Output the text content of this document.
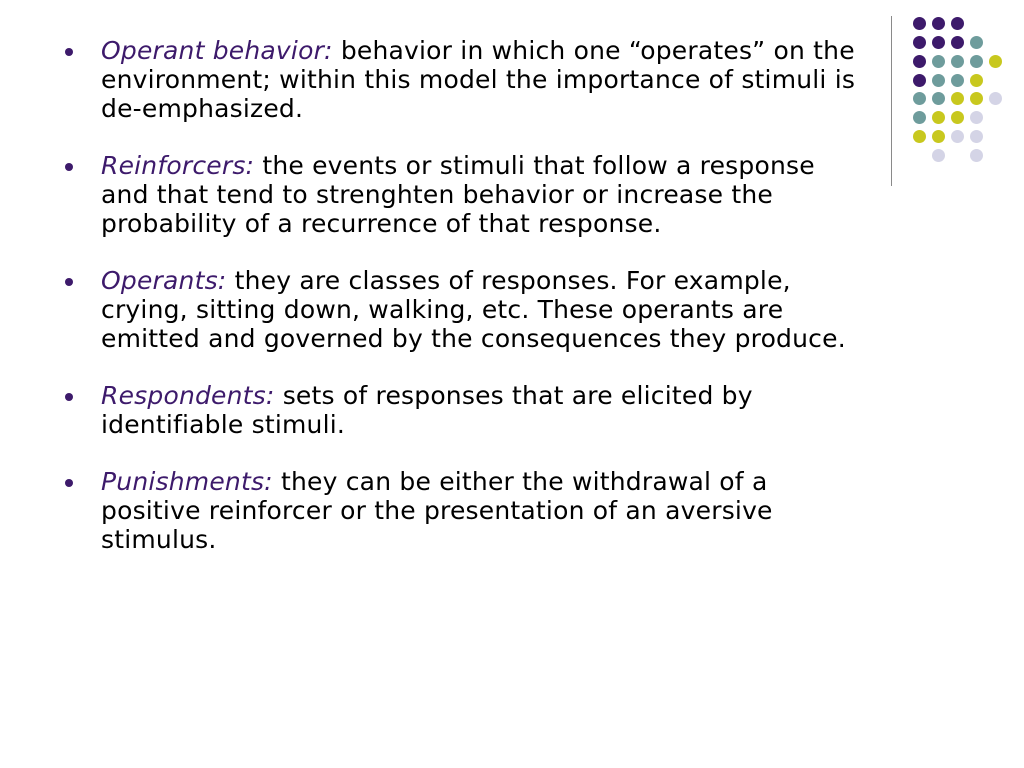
Operant behavior: behavior in which one “operates” on the environment; within this model the importance of stimuli is de-emphasized.
Reinforcers: the events or stimuli that follow a response and that tend to strenghten behavior or increase the probability of a recurrence of that response.
Operants: they are classes of responses. For example, crying, sitting down, walking, etc. These operants are emitted and governed by the consequences they produce.
Respondents: sets of responses that are elicited by identifiable stimuli.
Punishments: they can be either the withdrawal of a positive reinforcer or the presentation of an aversive stimulus.
